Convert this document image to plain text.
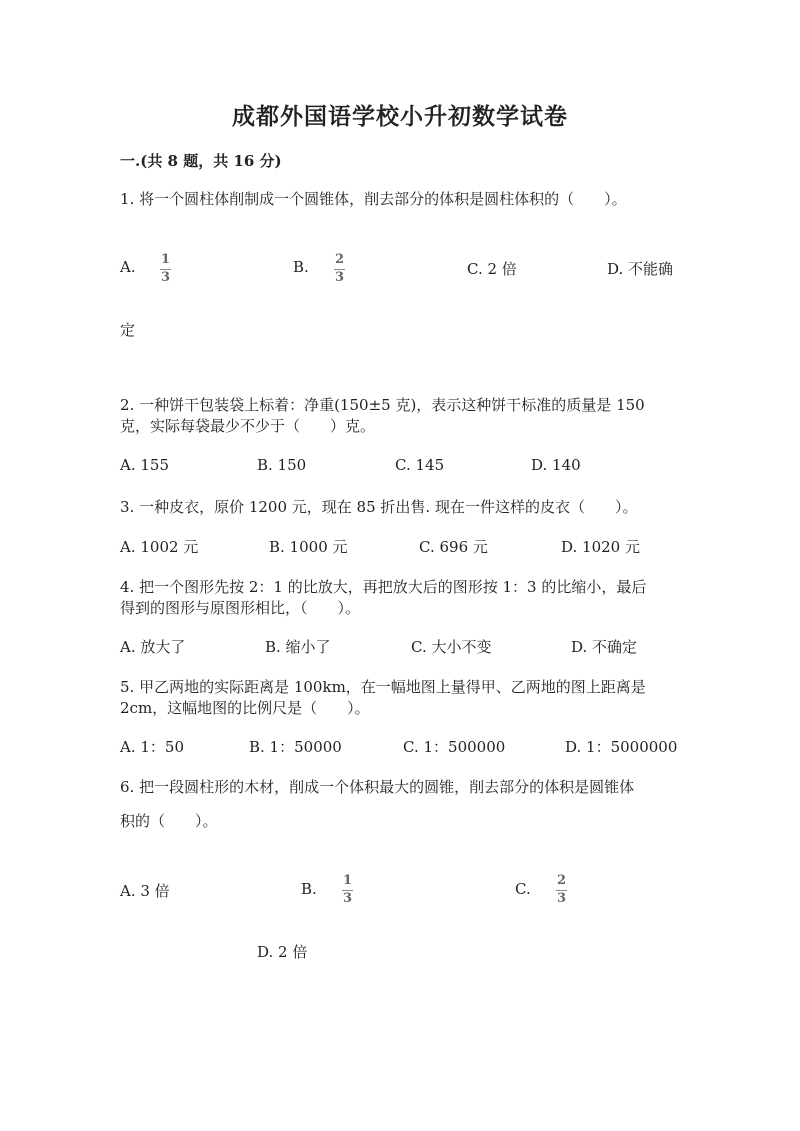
成都外国语学校小升初数学试卷
一.(共 8 题，共 16 分)
1. 将一个圆柱体削制成一个圆锥体，削去部分的体积是圆柱体积的（　　）。
A. 1
3
B. 2
3	C. 2 倍	D. 不能确
定
2. 一种饼干包装袋上标着：净重(150±5 克)，表示这种饼干标准的质量是 150
克，实际每袋最少不少于（　　）克。
A. 155	B. 150	C. 145	D. 140
3. 一种皮衣，原价 1200 元，现在 85 折出售. 现在一件这样的皮衣（　　）。
A. 1002 元	B. 1000 元	C. 696 元	D. 1020 元
4. 把一个图形先按 2：1 的比放大，再把放大后的图形按 1：3 的比缩小，最后
得到的图形与原图形相比，（　　）。
A. 放大了	B. 缩小了	C. 大小不变	D. 不确定
5. 甲乙两地的实际距离是 100km，在一幅地图上量得甲、乙两地的图上距离是
2cm，这幅地图的比例尺是（　　）。
A. 1：50	B. 1：50000	C. 1：500000	D. 1：5000000
6. 把一段圆柱形的木材，削成一个体积最大的圆锥，削去部分的体积是圆锥体
积的（　　）。
A. 3 倍	B. 1
3
C. 2
3
D. 2 倍
